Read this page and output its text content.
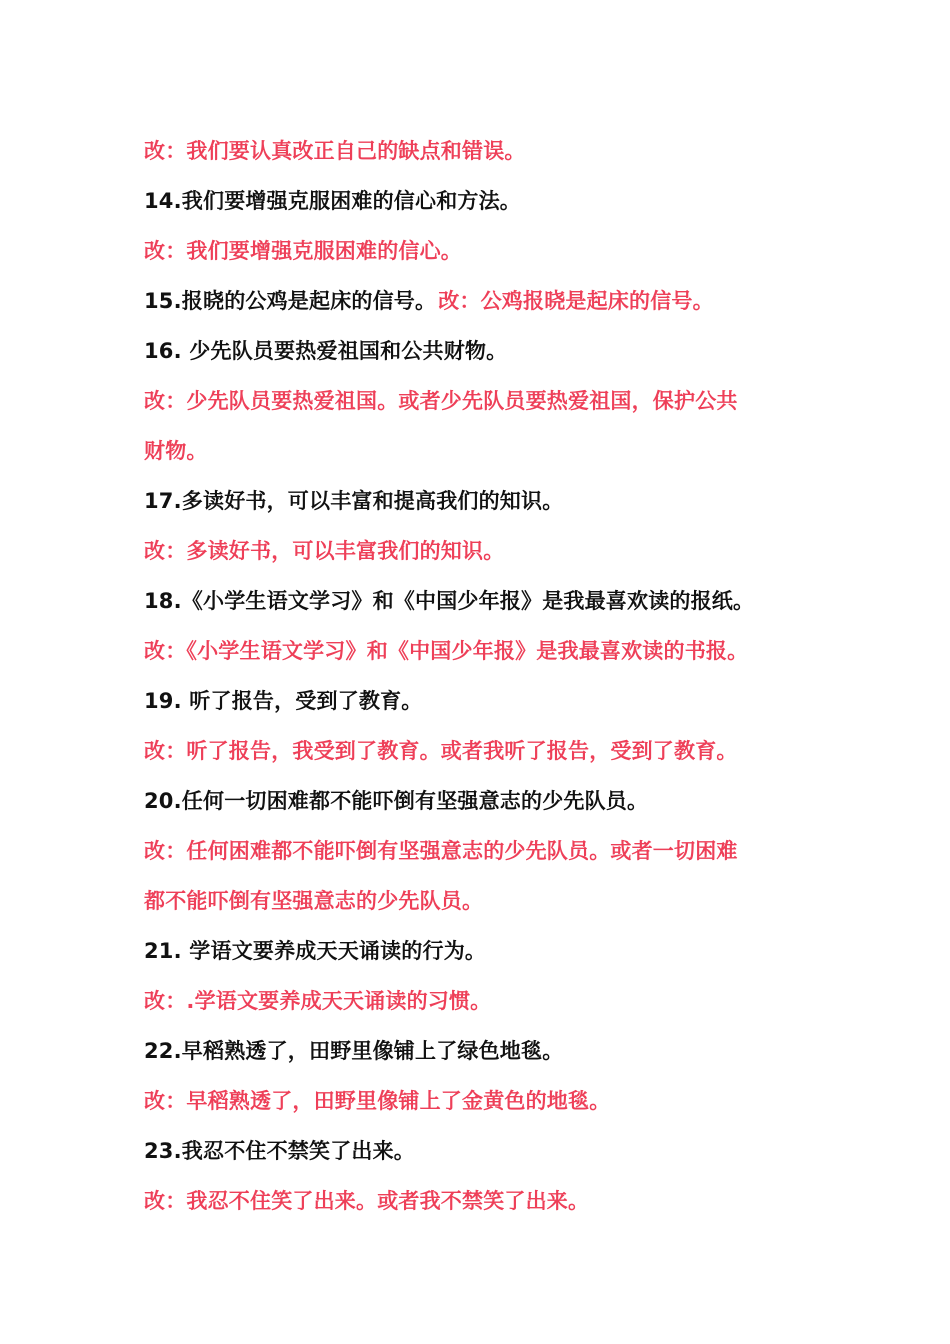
改：我们要认真改正自己的缺点和错误。
14.我们要增强克服困难的信心和方法。
改：我们要增强克服困难的信心。
15.报晓的公鸡是起床的信号。改：公鸡报晓是起床的信号。
16. 少先队员要热爱祖国和公共财物。
改：少先队员要热爱祖国。或者少先队员要热爱祖国，保护公共
财物。
17.多读好书，可以丰富和提高我们的知识。
改：多读好书，可以丰富我们的知识。
18.《小学生语文学习》和《中国少年报》是我最喜欢读的报纸。
改：《小学生语文学习》和《中国少年报》是我最喜欢读的书报。
19. 听了报告，受到了教育。
改：听了报告，我受到了教育。或者我听了报告，受到了教育。
20.任何一切困难都不能吓倒有坚强意志的少先队员。
改：任何困难都不能吓倒有坚强意志的少先队员。或者一切困难
都不能吓倒有坚强意志的少先队员。
21. 学语文要养成天天诵读的行为。
改：.学语文要养成天天诵读的习惯。
22.早稻熟透了，田野里像铺上了绿色地毯。
改：早稻熟透了，田野里像铺上了金黄色的地毯。
23.我忍不住不禁笑了出来。
改：我忍不住笑了出来。或者我不禁笑了出来。
